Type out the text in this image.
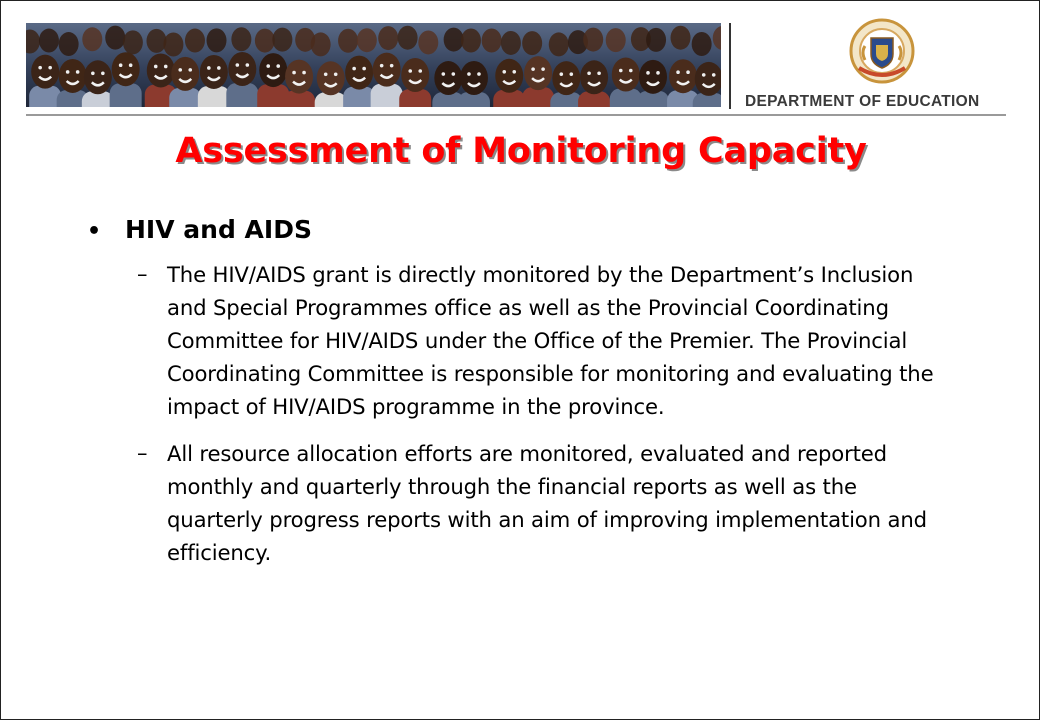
DEPARTMENT OF EDUCATION
Assessment of Monitoring Capacity
• HIV and AIDS
– The HIV/AIDS grant is directly monitored by the Department’s Inclusion and Special Programmes office as well as the Provincial Coordinating Committee for HIV/AIDS under the Office of the Premier. The Provincial Coordinating Committee is responsible for monitoring and evaluating the impact of HIV/AIDS programme in the province.
– All resource allocation efforts are monitored, evaluated and reported monthly and quarterly through the financial reports as well as the quarterly progress reports with an aim of improving implementation and efficiency.
